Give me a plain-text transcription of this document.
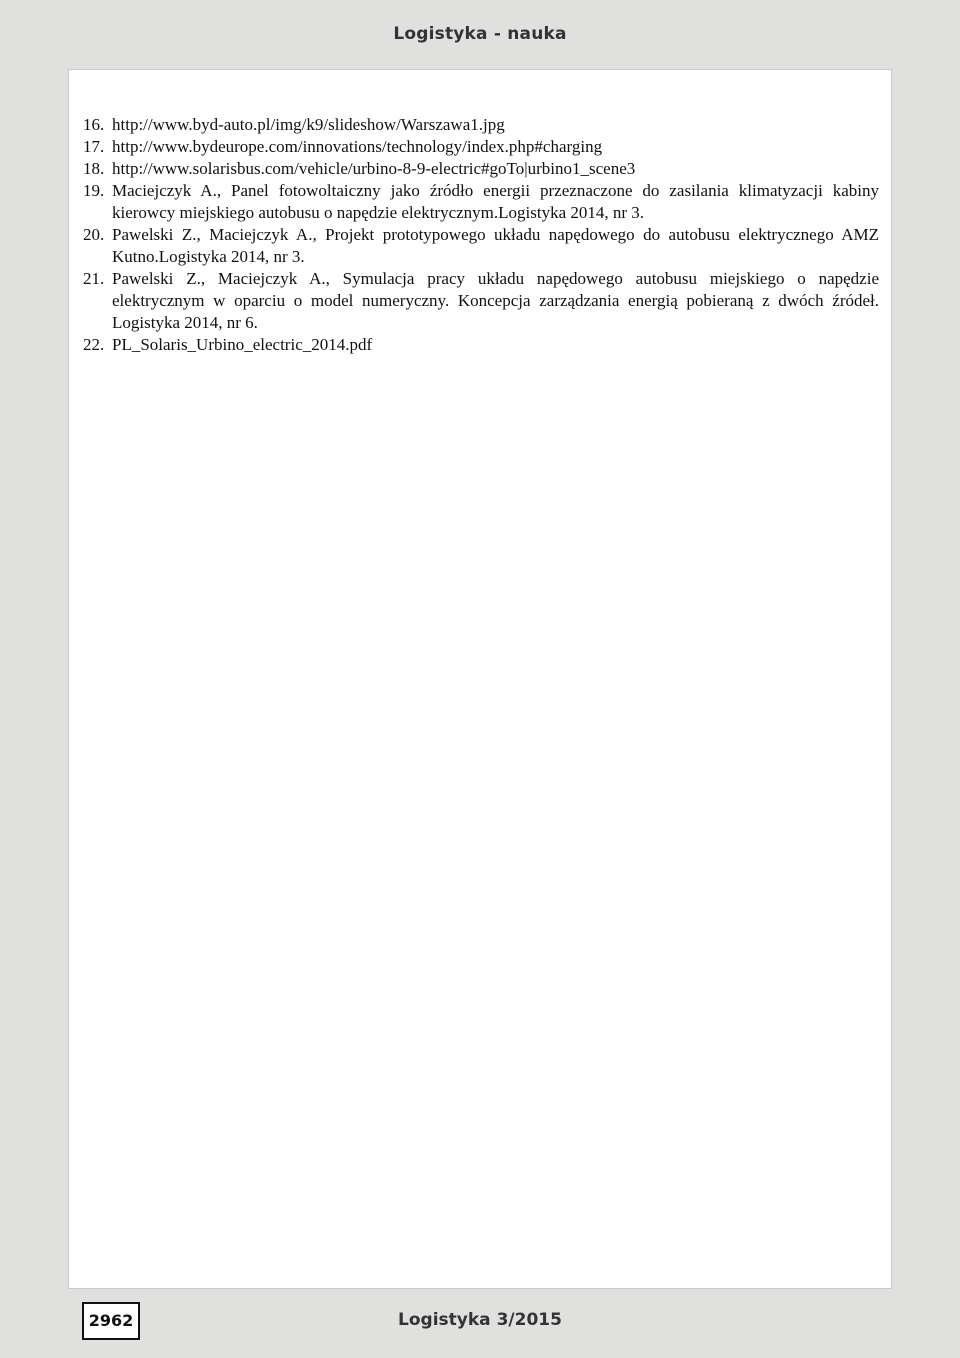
Logistyka - nauka
16. http://www.byd-auto.pl/img/k9/slideshow/Warszawa1.jpg
17. http://www.bydeurope.com/innovations/technology/index.php#charging
18. http://www.solarisbus.com/vehicle/urbino-8-9-electric#goTo|urbino1_scene3
19. Maciejczyk A., Panel fotowoltaiczny jako źródło energii przeznaczone do zasilania klimatyzacji kabiny kierowcy miejskiego autobusu o napędzie elektrycznym.Logistyka 2014, nr 3.
20. Pawelski Z., Maciejczyk A., Projekt prototypowego układu napędowego do autobusu elektrycznego AMZ Kutno.Logistyka 2014, nr 3.
21. Pawelski Z., Maciejczyk A., Symulacja pracy układu napędowego autobusu miejskiego o napędzie elektrycznym w oparciu o model numeryczny. Koncepcja zarządzania energią pobieraną z dwóch źródeł. Logistyka 2014, nr 6.
22. PL_Solaris_Urbino_electric_2014.pdf
2962	Logistyka 3/2015
